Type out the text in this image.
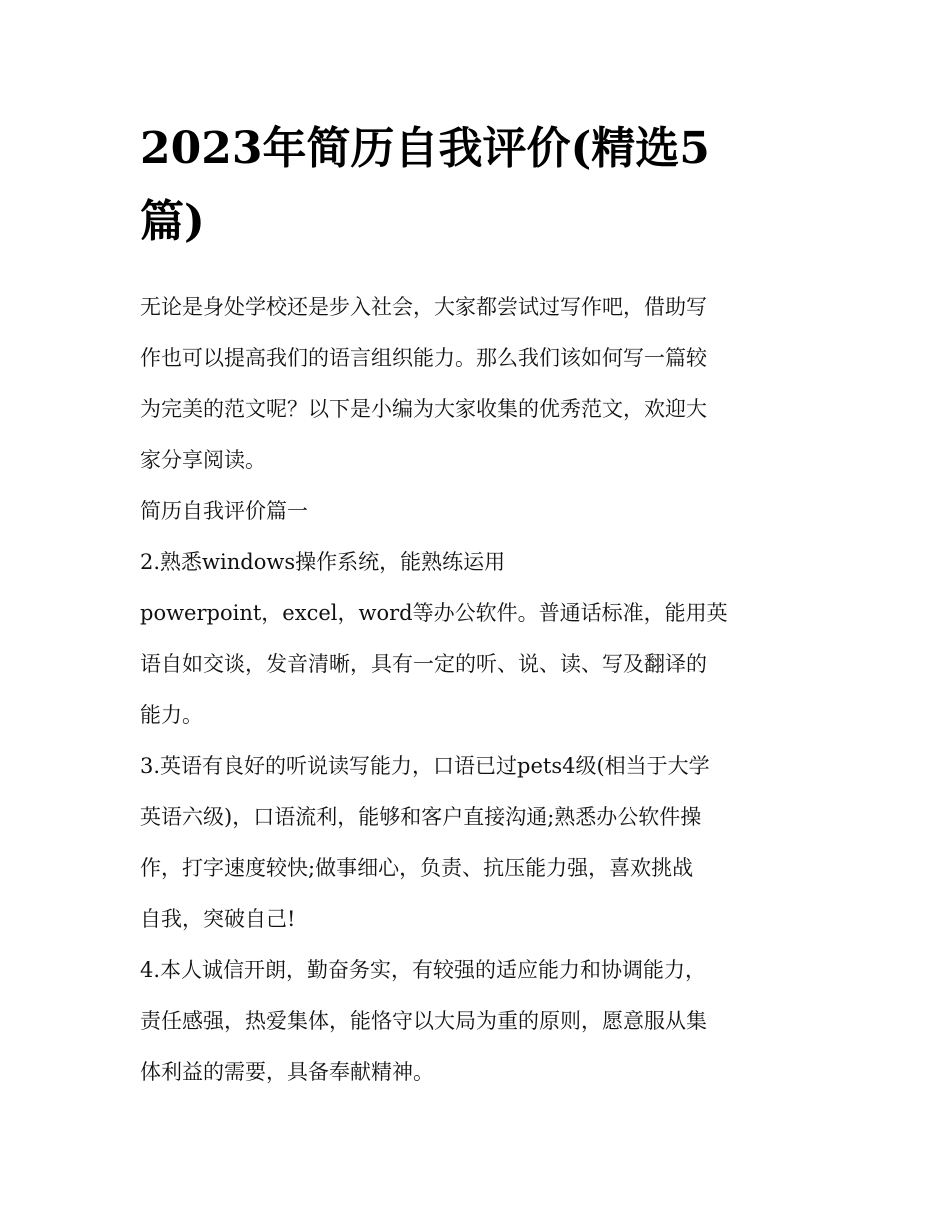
2023年简历自我评价(精选5
篇)

无论是身处学校还是步入社会，大家都尝试过写作吧，借助写
作也可以提高我们的语言组织能力。那么我们该如何写一篇较
为完美的范文呢？以下是小编为大家收集的优秀范文，欢迎大
家分享阅读。

简历自我评价篇一

2.熟悉windows操作系统，能熟练运用
powerpoint，excel，word等办公软件。普通话标准，能用英
语自如交谈，发音清晰，具有一定的听、说、读、写及翻译的
能力。

3.英语有良好的听说读写能力，口语已过pets4级(相当于大学
英语六级)，口语流利，能够和客户直接沟通;熟悉办公软件操
作，打字速度较快;做事细心，负责、抗压能力强，喜欢挑战
自我，突破自己!

4.本人诚信开朗，勤奋务实，有较强的适应能力和协调能力，
责任感强，热爱集体，能恪守以大局为重的原则，愿意服从集
体利益的需要，具备奉献精神。
